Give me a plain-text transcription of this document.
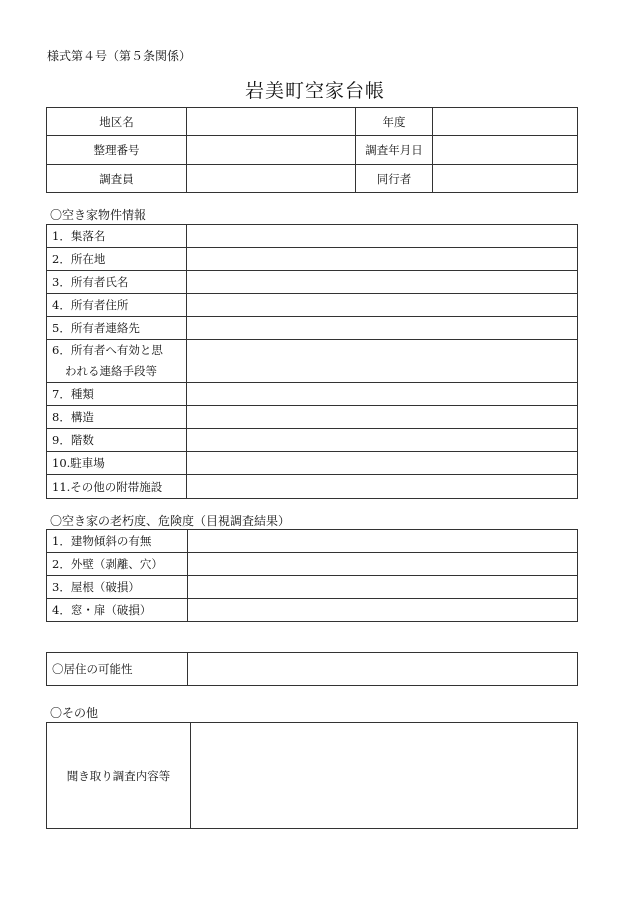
様式第４号（第５条関係）
岩美町空家台帳
地区名		年度	
整理番号		調査年月日	
調査員		同行者	
〇空き家物件情報
1．集落名	
2．所在地	
3．所有者氏名	
4．所有者住所	
5．所有者連絡先	
6．所有者へ有効と思
われる連絡手段等	
7．種類	
8．構造	
9．階数	
10.駐車場	
11.その他の附帯施設	
〇空き家の老朽度、危険度（目視調査結果）
1．建物傾斜の有無	
2．外壁（剥離、穴）	
3．屋根（破損）	
4．窓・扉（破損）	
〇居住の可能性	
〇その他
聞き取り調査内容等	
